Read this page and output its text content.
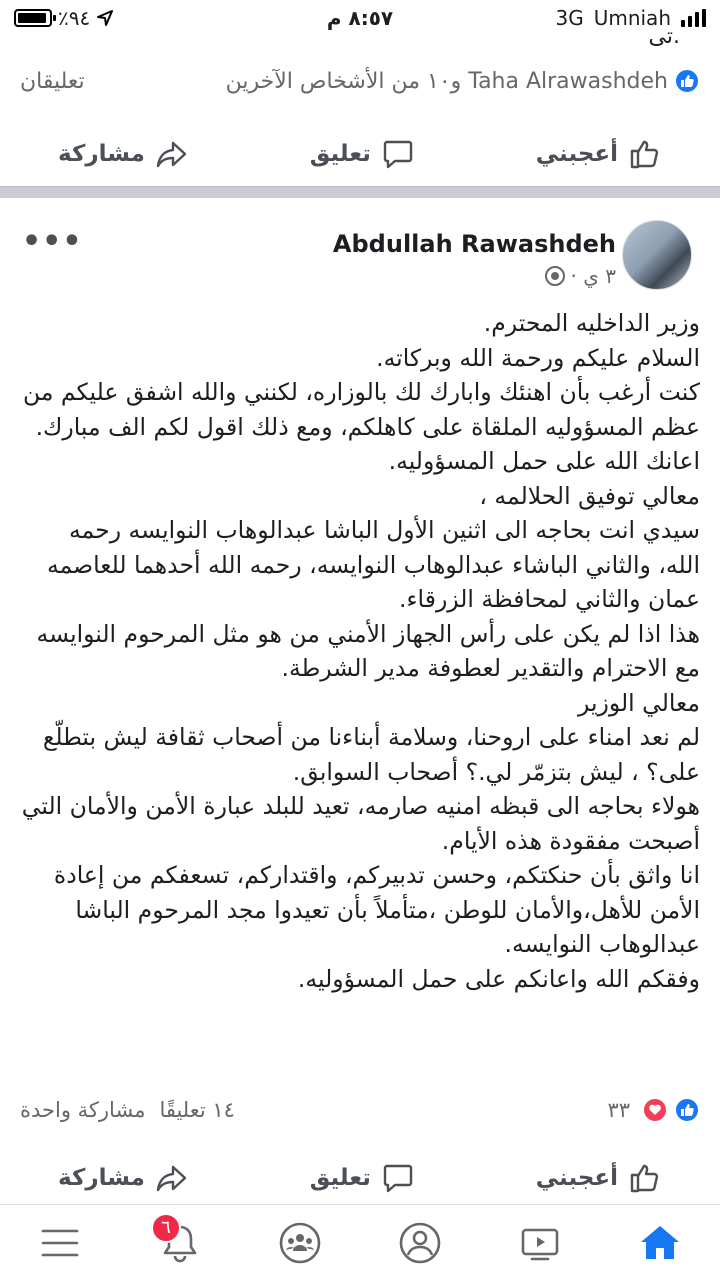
٪٩٤	٨:٥٧ م	3G Umniah
تی.
تعليقان	Taha Alrawashdeh و١٠ من الأشخاص الآخرين
أعجبني
تعليق
مشاركة
Abdullah Rawashdeh
٣ ي ·
•••

وزير الداخليه المحترم.

السلام عليكم ورحمة الله وبركاته.

كنت أرغب بأن اهنئك وابارك لك بالوزاره، لكنني والله اشفق عليكم من عظم المسؤوليه الملقاة على كاهلكم، ومع ذلك اقول لكم الف مبارك.

اعانك الله على حمل المسؤوليه.

معالي توفيق الحلالمه ،

سيدي انت بحاجه الى اثنين الأول الباشا عبدالوهاب النوايسه رحمه الله، والثاني الباشاء عبدالوهاب النوايسه، رحمه الله أحدهما للعاصمه عمان والثاني لمحافظة الزرقاء.

هذا اذا لم يكن على رأس الجهاز الأمني من هو مثل المرحوم النوايسه مع الاحترام والتقدير لعطوفة مدير الشرطة.

معالي الوزير

لم نعد امناء على اروحنا، وسلامة أبناءنا من أصحاب ثقافة ليش بتطلّع على؟ ، ليش بتزمّر لي.؟ أصحاب السوابق.

هولاء بحاجه الى قبظه امنيه صارمه، تعيد للبلد عبارة الأمن والأمان التي أصبحت مفقودة هذه الأيام.

انا واثق بأن حنكتكم، وحسن تدبيركم، واقتداركم، تسعفكم من إعادة الأمن للأهل،والأمان للوطن ،متأملاً بأن تعيدوا مجد المرحوم الباشا عبدالوهاب النوايسه.

وفقكم الله واعانكم على حمل المسؤوليه.

١٤ تعليقًا
مشاركة واحدة	٣٣
أعجبني
تعليق
مشاركة
٦
